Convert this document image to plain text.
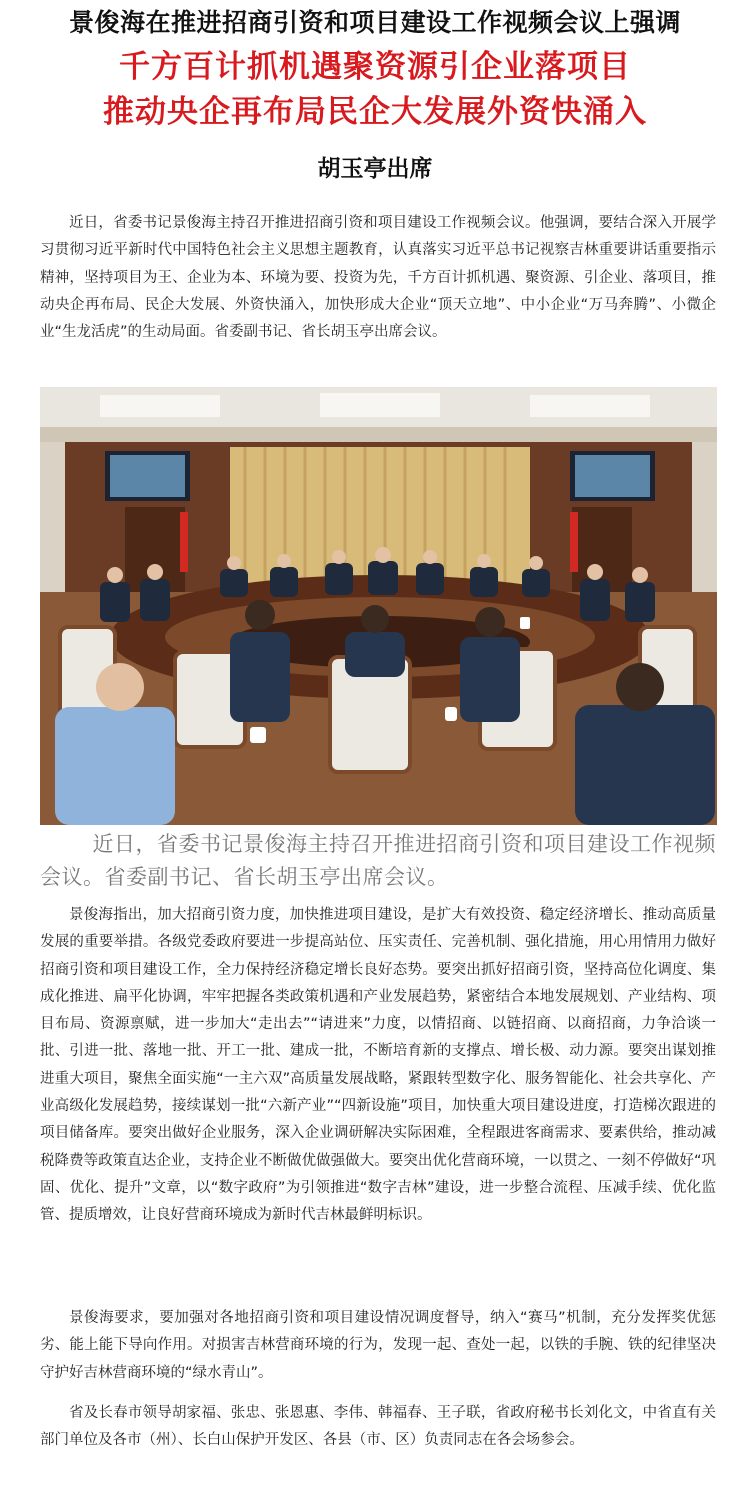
景俊海在推进招商引资和项目建设工作视频会议上强调
千方百计抓机遇聚资源引企业落项目
推动央企再布局民企大发展外资快涌入
胡玉亭出席

近日，省委书记景俊海主持召开推进招商引资和项目建设工作视频会议。他强调，要结合深入开展学习贯彻习近平新时代中国特色社会主义思想主题教育，认真落实习近平总书记视察吉林重要讲话重要指示精神，坚持项目为王、企业为本、环境为要、投资为先，千方百计抓机遇、聚资源、引企业、落项目，推动央企再布局、民企大发展、外资快涌入，加快形成大企业“顶天立地”、中小企业“万马奔腾”、小微企业“生龙活虎”的生动局面。省委副书记、省长胡玉亭出席会议。

近日，省委书记景俊海主持召开推进招商引资和项目建设工作视频会议。省委副书记、省长胡玉亭出席会议。

景俊海指出，加大招商引资力度，加快推进项目建设，是扩大有效投资、稳定经济增长、推动高质量发展的重要举措。各级党委政府要进一步提高站位、压实责任、完善机制、强化措施，用心用情用力做好招商引资和项目建设工作，全力保持经济稳定增长良好态势。要突出抓好招商引资，坚持高位化调度、集成化推进、扁平化协调，牢牢把握各类政策机遇和产业发展趋势，紧密结合本地发展规划、产业结构、项目布局、资源禀赋，进一步加大“走出去”“请进来”力度，以情招商、以链招商、以商招商，力争洽谈一批、引进一批、落地一批、开工一批、建成一批，不断培育新的支撑点、增长极、动力源。要突出谋划推进重大项目，聚焦全面实施“一主六双”高质量发展战略，紧跟转型数字化、服务智能化、社会共享化、产业高级化发展趋势，接续谋划一批“六新产业”“四新设施”项目，加快重大项目建设进度，打造梯次跟进的项目储备库。要突出做好企业服务，深入企业调研解决实际困难，全程跟进客商需求、要素供给，推动减税降费等政策直达企业，支持企业不断做优做强做大。要突出优化营商环境，一以贯之、一刻不停做好“巩固、优化、提升”文章，以“数字政府”为引领推进“数字吉林”建设，进一步整合流程、压减手续、优化监管、提质增效，让良好营商环境成为新时代吉林最鲜明标识。

景俊海要求，要加强对各地招商引资和项目建设情况调度督导，纳入“赛马”机制，充分发挥奖优惩劣、能上能下导向作用。对损害吉林营商环境的行为，发现一起、查处一起，以铁的手腕、铁的纪律坚决守护好吉林营商环境的“绿水青山”。

省及长春市领导胡家福、张忠、张恩惠、李伟、韩福春、王子联，省政府秘书长刘化文，中省直有关部门单位及各市（州）、长白山保护开发区、各县（市、区）负责同志在各会场参会。
